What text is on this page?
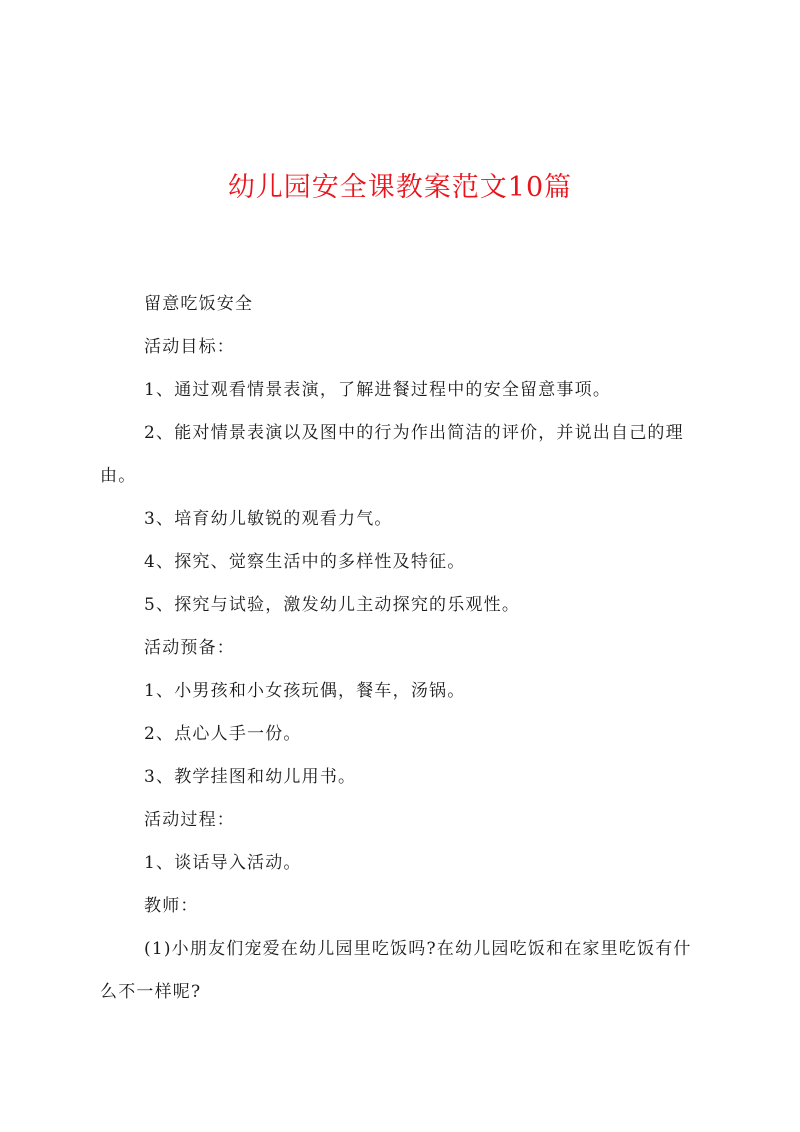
幼儿园安全课教案范文10篇

留意吃饭安全

活动目标：

1、通过观看情景表演，了解进餐过程中的安全留意事项。

2、能对情景表演以及图中的行为作出简洁的评价，并说出自己的理由。

3、培育幼儿敏锐的观看力气。

4、探究、觉察生活中的多样性及特征。

5、探究与试验，激发幼儿主动探究的乐观性。

活动预备：

1、小男孩和小女孩玩偶，餐车，汤锅。

2、点心人手一份。

3、教学挂图和幼儿用书。

活动过程：

1、谈话导入活动。

教师：

(1)小朋友们宠爱在幼儿园里吃饭吗?在幼儿园吃饭和在家里吃饭有什么不一样呢?
